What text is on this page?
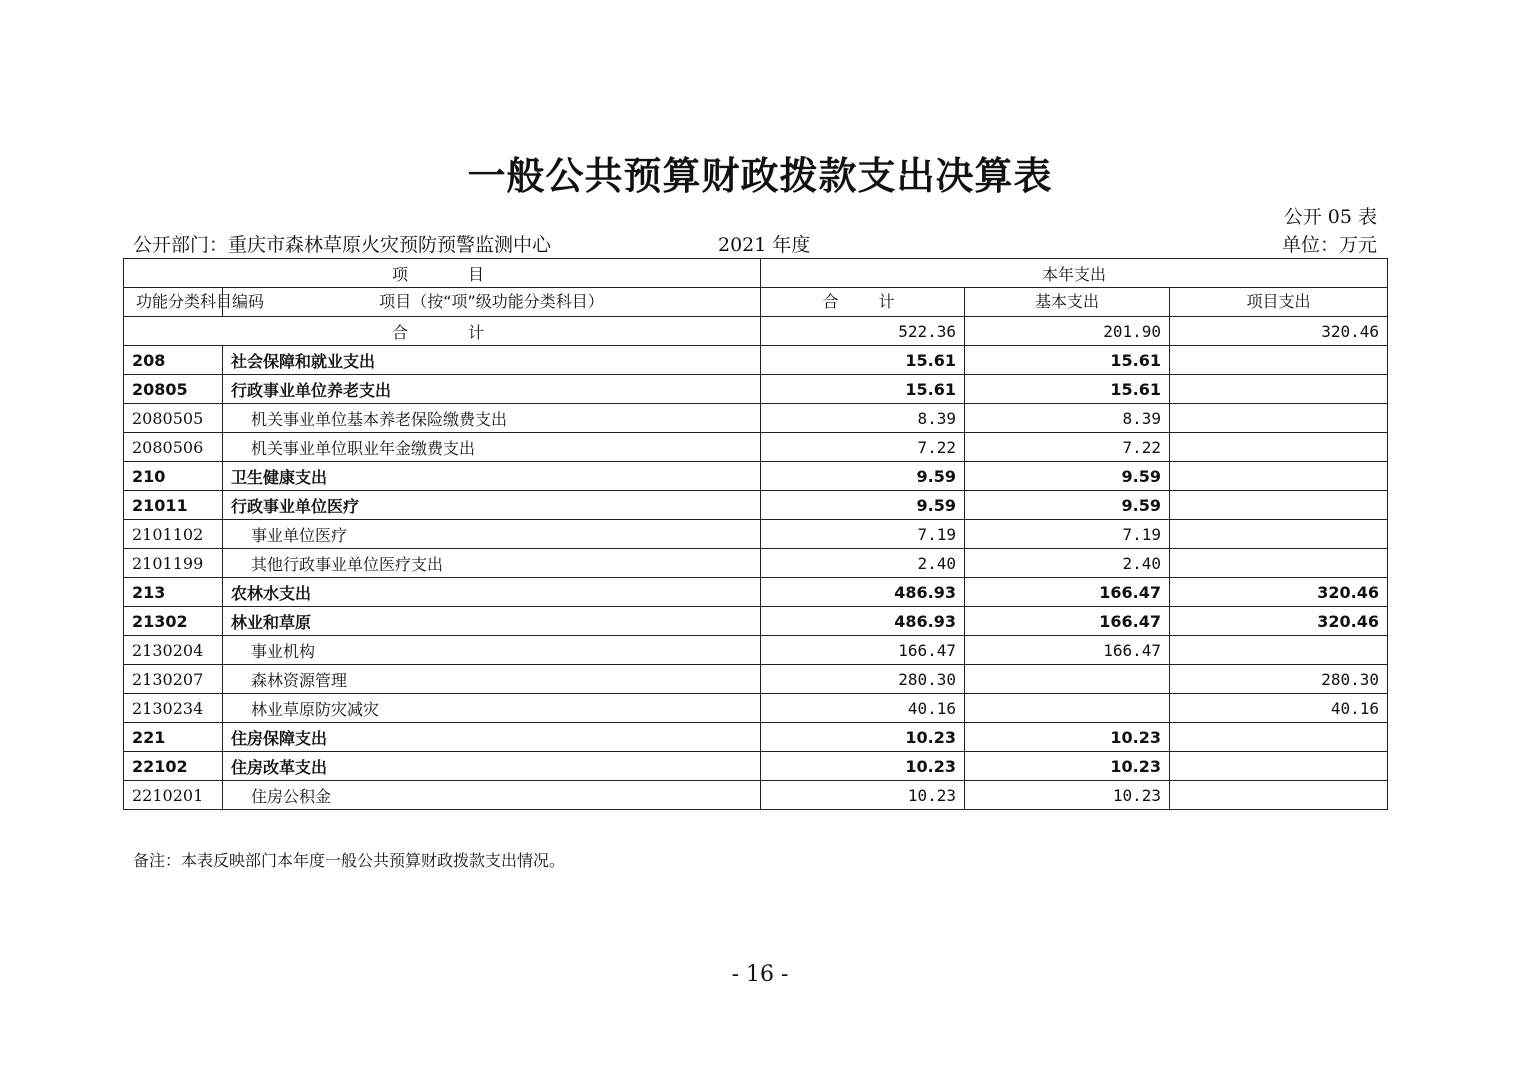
一般公共预算财政拨款支出决算表
公开 05 表
公开部门：重庆市森林草原火灾预防预警监测中心	2021 年度	单位：万元
项目		本年支出		
功能分类科目编码	项目（按“项”级功能分类科目）	合计	基本支出	项目支出
合计		522.36	201.90	320.46
208	社会保障和就业支出	15.61	15.61	
20805	行政事业单位养老支出	15.61	15.61	
2080505	机关事业单位基本养老保险缴费支出	8.39	8.39	
2080506	机关事业单位职业年金缴费支出	7.22	7.22	
210	卫生健康支出	9.59	9.59	
21011	行政事业单位医疗	9.59	9.59	
2101102	事业单位医疗	7.19	7.19	
2101199	其他行政事业单位医疗支出	2.40	2.40	
213	农林水支出	486.93	166.47	320.46
21302	林业和草原	486.93	166.47	320.46
2130204	事业机构	166.47	166.47	
2130207	森林资源管理	280.30		280.30
2130234	林业草原防灾减灾	40.16		40.16
221	住房保障支出	10.23	10.23	
22102	住房改革支出	10.23	10.23	
2210201	住房公积金	10.23	10.23	
备注：本表反映部门本年度一般公共预算财政拨款支出情况。
- 16 -
